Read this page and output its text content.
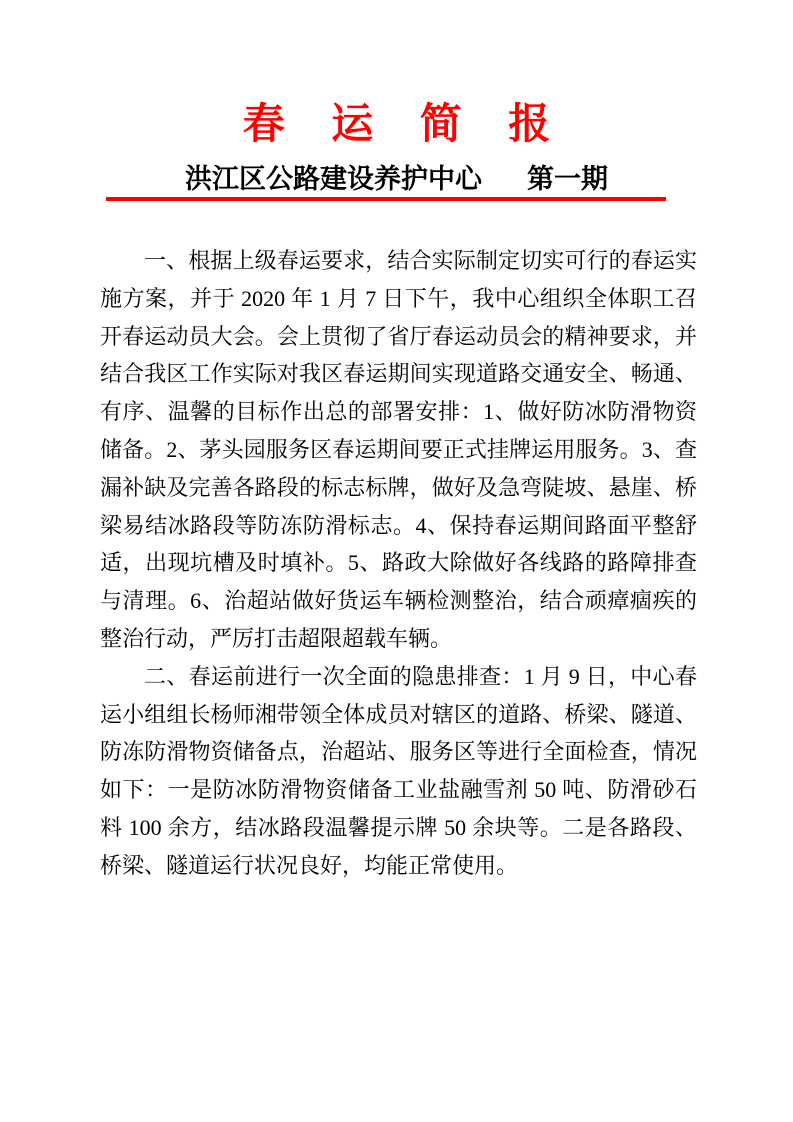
春 运 简 报
洪江区公路建设养护中心 第一期

一、根据上级春运要求，结合实际制定切实可行的春运实施方案，并于 2020 年 1 月 7 日下午，我中心组织全体职工召开春运动员大会。会上贯彻了省厅春运动员会的精神要求，并结合我区工作实际对我区春运期间实现道路交通安全、畅通、有序、温馨的目标作出总的部署安排：1、做好防冰防滑物资储备。2、茅头园服务区春运期间要正式挂牌运用服务。3、查漏补缺及完善各路段的标志标牌，做好及急弯陡坡、悬崖、桥梁易结冰路段等防冻防滑标志。4、保持春运期间路面平整舒适，出现坑槽及时填补。5、路政大除做好各线路的路障排查与清理。6、治超站做好货运车辆检测整治，结合顽瘴痼疾的整治行动，严厉打击超限超载车辆。

二、春运前进行一次全面的隐患排查：1 月 9 日，中心春运小组组长杨师湘带领全体成员对辖区的道路、桥梁、隧道、防冻防滑物资储备点，治超站、服务区等进行全面检查，情况如下：一是防冰防滑物资储备工业盐融雪剂 50 吨、防滑砂石料 100 余方，结冰路段温馨提示牌 50 余块等。二是各路段、桥梁、隧道运行状况良好，均能正常使用。
